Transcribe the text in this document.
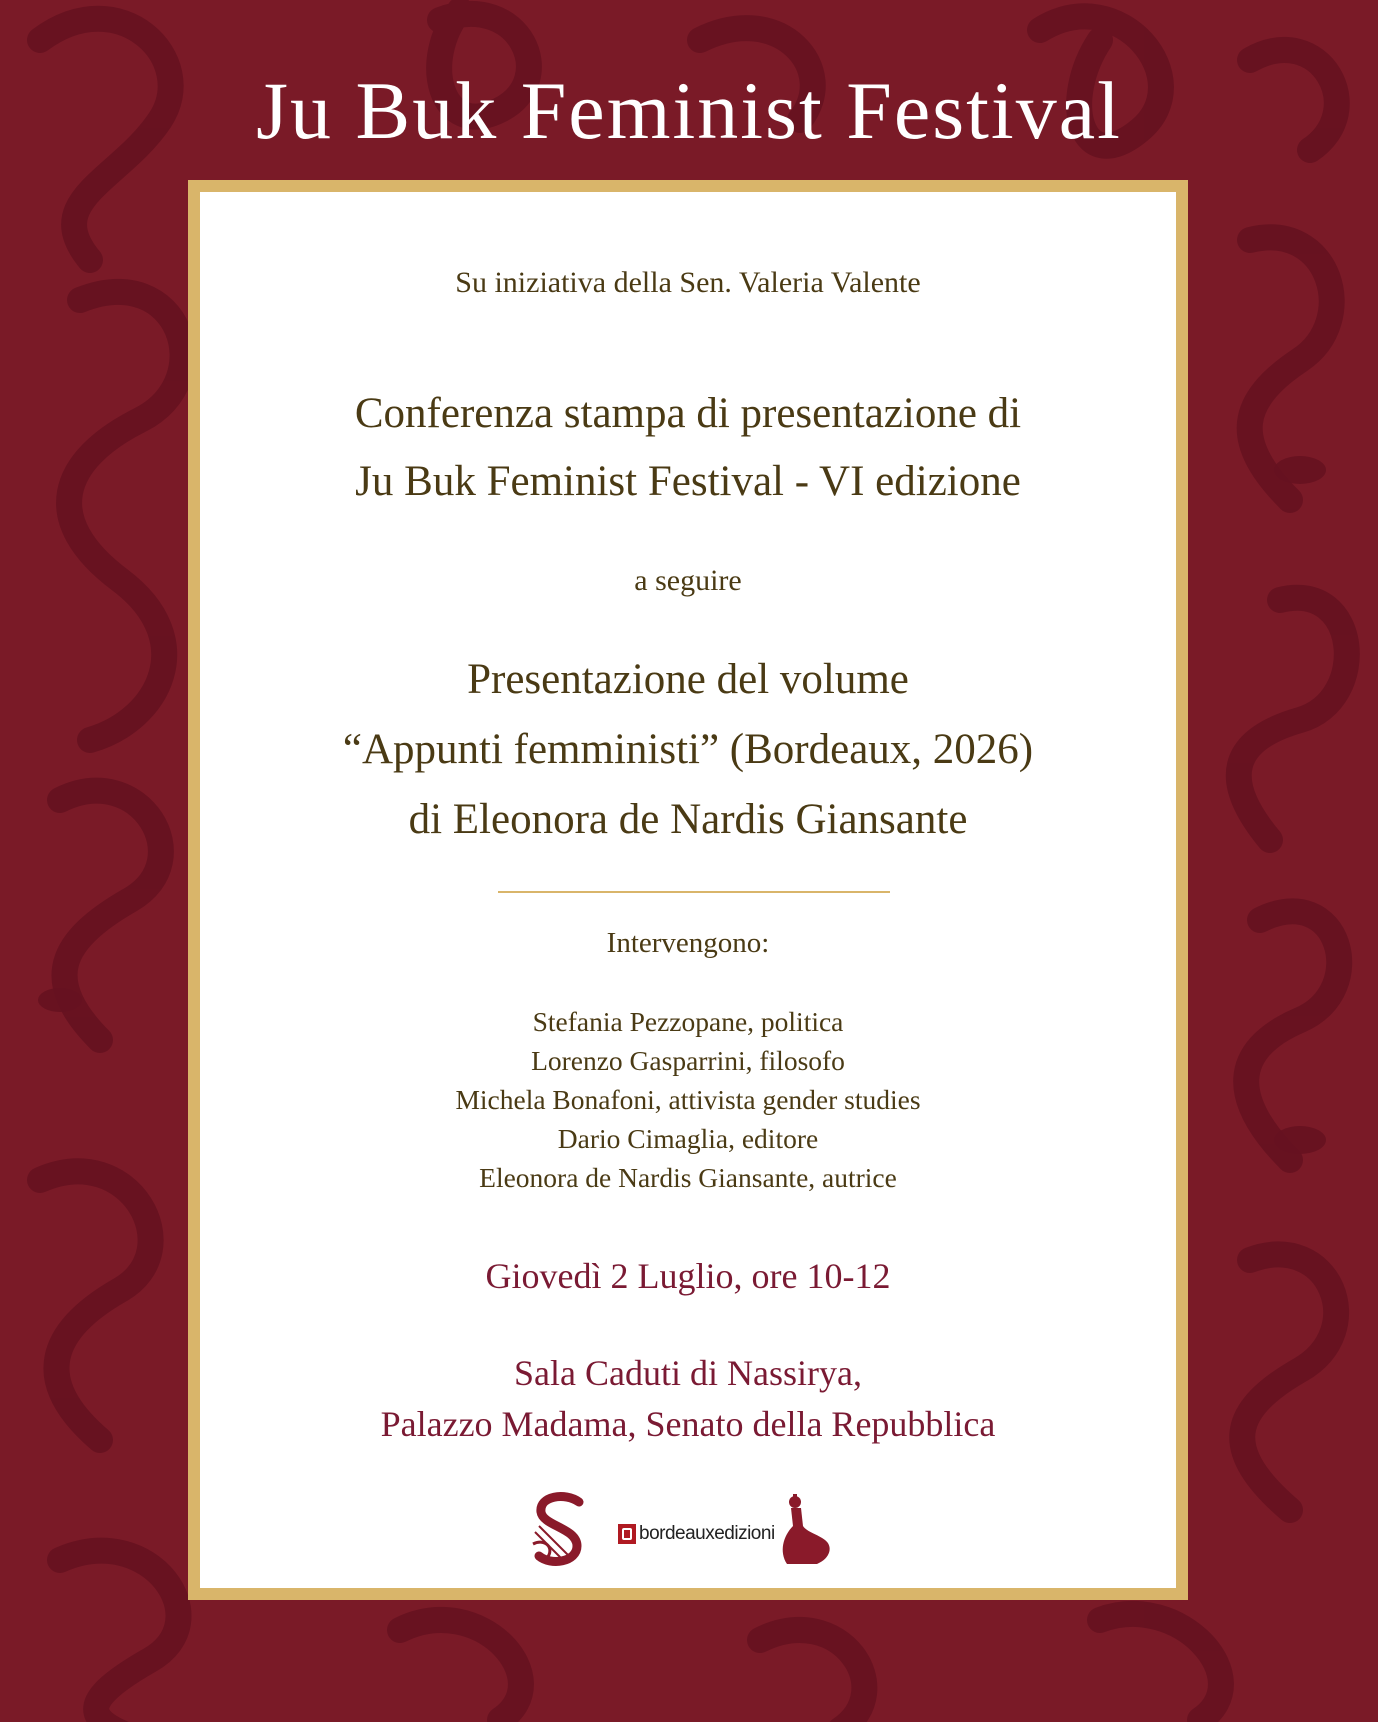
Ju Buk Feminist Festival
Su iniziativa della Sen. Valeria Valente
Conferenza stampa di presentazione di
Ju Buk Feminist Festival - VI edizione
a seguire
Presentazione del volume
“Appunti femministi” (Bordeaux, 2026)
di Eleonora de Nardis Giansante
Intervengono:
Stefania Pezzopane, politica
Lorenzo Gasparrini, filosofo
Michela Bonafoni, attivista gender studies
Dario Cimaglia, editore
Eleonora de Nardis Giansante, autrice
Giovedì 2 Luglio, ore 10-12
Sala Caduti di Nassirya,
Palazzo Madama, Senato della Repubblica
bordeauxedizioni
